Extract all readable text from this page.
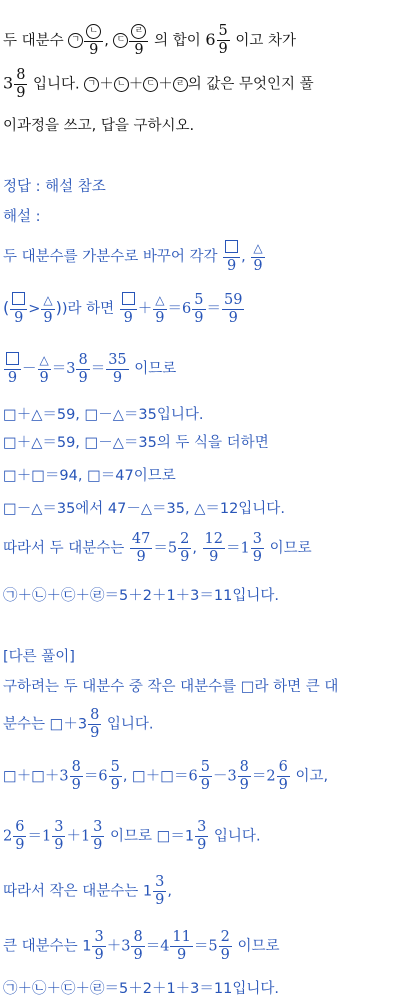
두 대분수 ㄱ
ㄴ
9
, ㄷ
ㄹ
9
의 합이 $6 \frac{5}{9}$ 이고 차가
$3 \frac{8}{9}$ 입니다. ㄱ ＋ ㄴ ＋ ㄷ ＋ ㄹ 의 값은 무엇인지 풀
이과정을 쓰고, 답을 구하시오.
정답 : 해설 참조
해설 :
두 대분수를 가분수로 바꾸어 각각
9
,
△
9
(
9
>
△
9
))라 하면
9
＋
△
9
$=6 \frac{5}{9} = \frac{59}{9}$
9
－
△
9
$=3 \frac{8}{9} = \frac{35}{9}$ 이므로
□＋△＝59, □－△＝35입니다.
□＋△＝59, □－△＝35의 두 식을 더하면
□＋□＝94, □＝47이므로
□－△＝35에서 47－△＝35, △＝12입니다.
따라서 두 대분수는 $\frac{47}{9} =5 \frac{2}{9}$ , $\frac{12}{9} =1 \frac{3}{9}$ 이므로
㉠＋㉡＋㉢＋㉣＝5＋2＋1＋3＝11입니다.
[다른 풀이]
구하려는 두 대분수 중 작은 대분수를 □라 하면 큰 대
분수는 □＋3 $\frac{8}{9}$ 입니다.
□＋□＋3 $\frac{8}{9} =6 \frac{5}{9}$ , □＋□＝6 $\frac{5}{9} -3 \frac{8}{9} =2 \frac{6}{9}$ 이고,
$2 \frac{6}{9} =1 \frac{3}{9} +1 \frac{3}{9}$ 이므로 □＝1 $\frac{3}{9}$ 입니다.
따라서 작은 대분수는 $1 \frac{3}{9}$ ,
큰 대분수는 $1 \frac{3}{9} +3 \frac{8}{9} =4 \frac{11}{9} =5 \frac{2}{9}$ 이므로
㉠＋㉡＋㉢＋㉣＝5＋2＋1＋3＝11입니다.
